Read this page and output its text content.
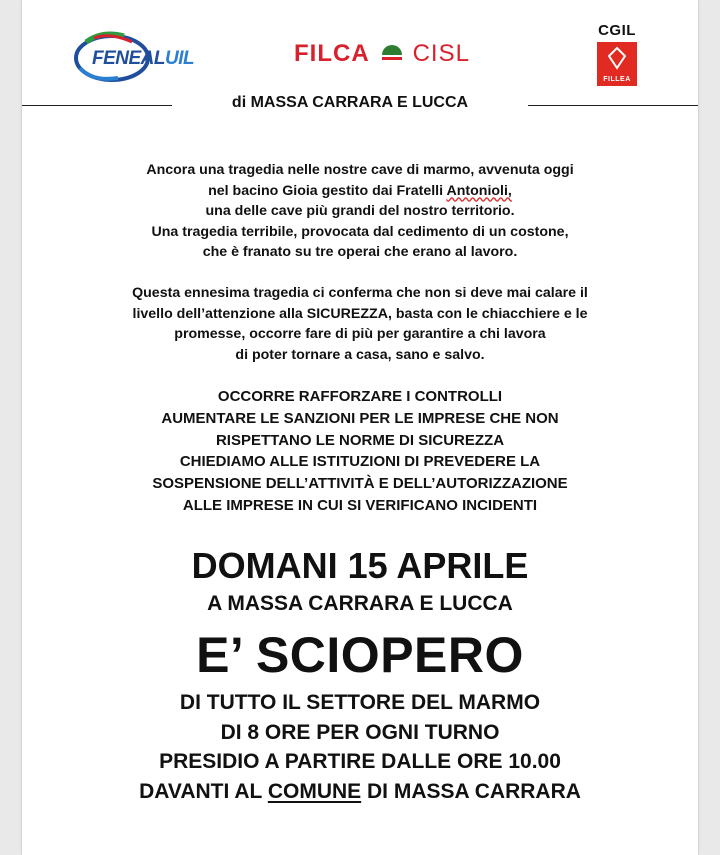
FENEALUIL	FILCA CISL
CGIL
FILLEA
di MASSA CARRARA E LUCCA
Ancora una tragedia nelle nostre cave di marmo, avvenuta oggi
nel bacino Gioia gestito dai Fratelli Antonioli,
una delle cave più grandi del nostro territorio.
Una tragedia terribile, provocata dal cedimento di un costone,
che è franato su tre operai che erano al lavoro.
Questa ennesima tragedia ci conferma che non si deve mai calare il
livello dell’attenzione alla SICUREZZA, basta con le chiacchiere e le
promesse, occorre fare di più per garantire a chi lavora
di poter tornare a casa, sano e salvo.
OCCORRE RAFFORZARE I CONTROLLI
AUMENTARE LE SANZIONI PER LE IMPRESE CHE NON
RISPETTANO LE NORME DI SICUREZZA
CHIEDIAMO ALLE ISTITUZIONI DI PREVEDERE LA
SOSPENSIONE DELL’ATTIVITÀ E DELL’AUTORIZZAZIONE
ALLE IMPRESE IN CUI SI VERIFICANO INCIDENTI
DOMANI 15 APRILE
A MASSA CARRARA E LUCCA
E’ SCIOPERO
DI TUTTO IL SETTORE DEL MARMO
DI 8 ORE PER OGNI TURNO
PRESIDIO A PARTIRE DALLE ORE 10.00
DAVANTI AL COMUNE DI MASSA CARRARA
